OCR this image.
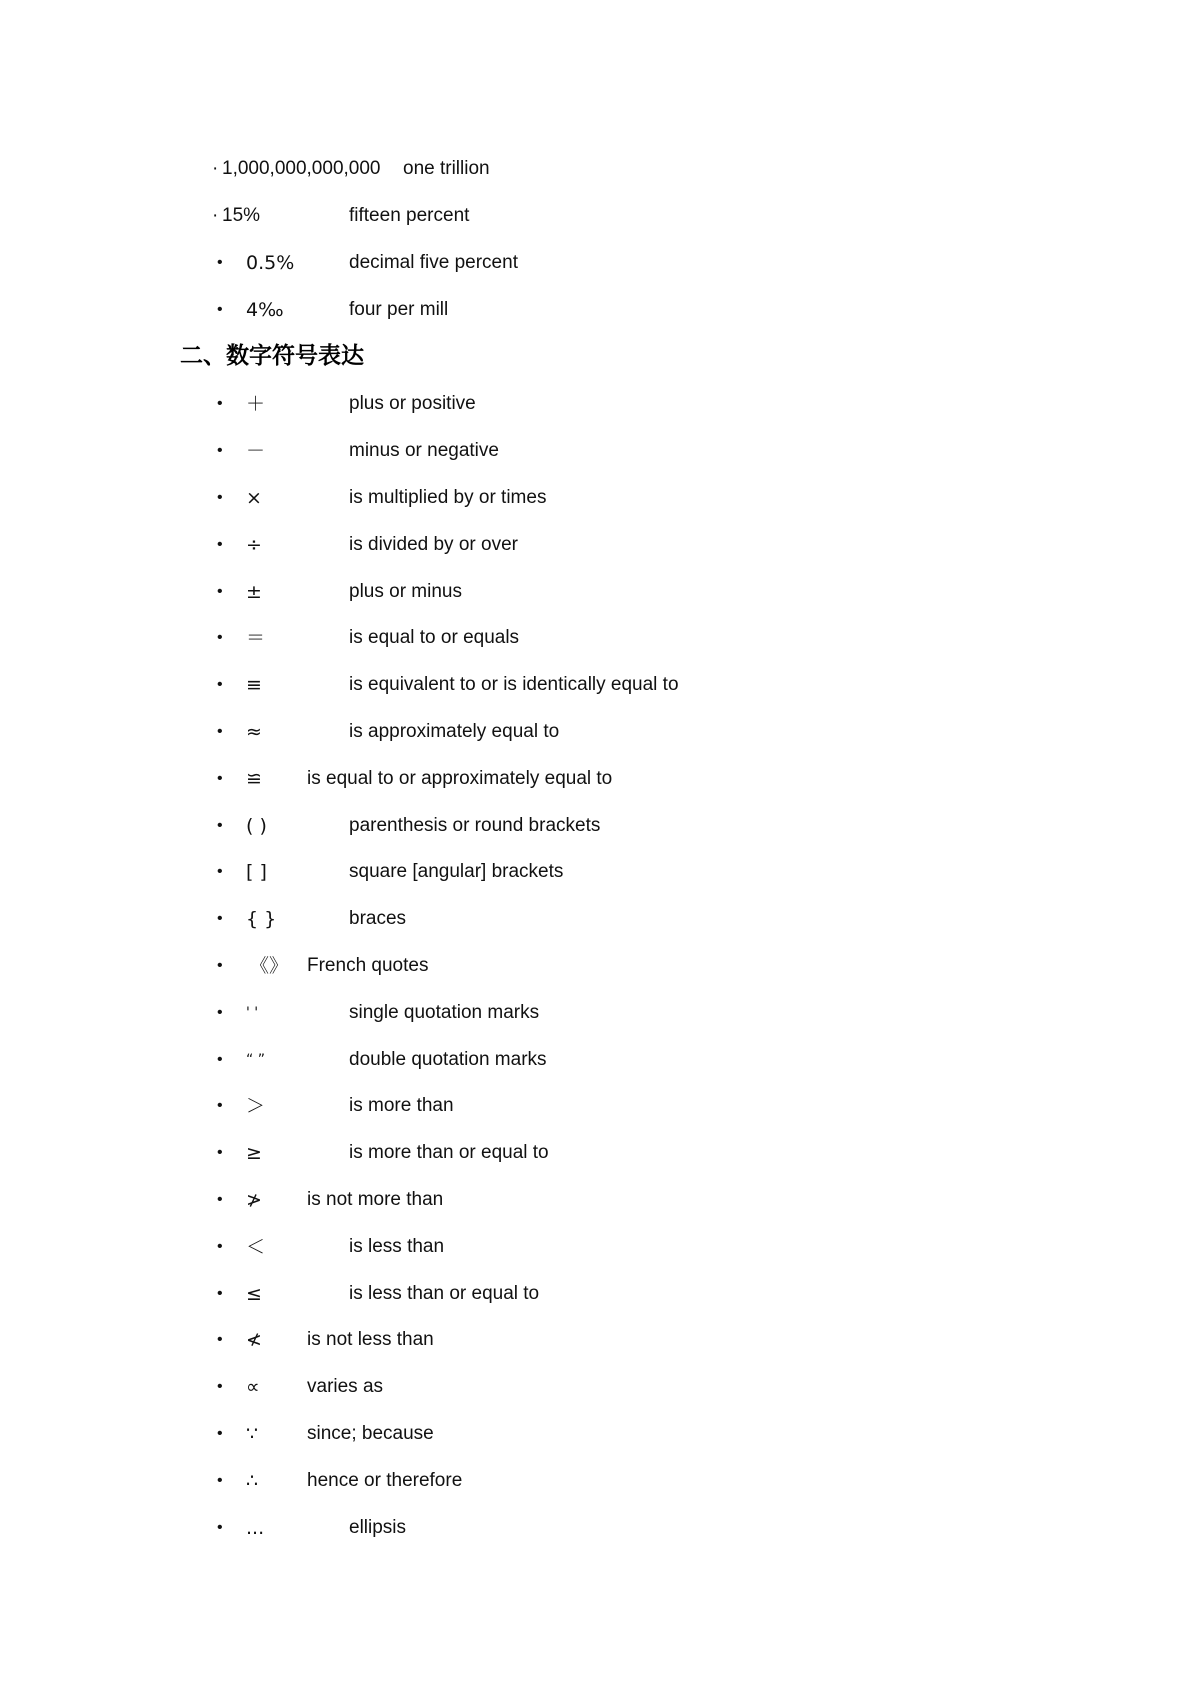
· 1,000,000,000,000 one trillion
· 15%	fifteen percent
• 0.5%	decimal five percent
• 4‰	four per mill
二、数字符号表达
• ＋	plus or positive
• －	minus or negative
• ×	is multiplied by or times
• ÷	is divided by or over
• ±	plus or minus
• ＝	is equal to or equals
• ≡	is equivalent to or is identically equal to
• ≈	is approximately equal to
• ≌ is equal to or approximately equal to
• ( )	parenthesis or round brackets
• [ ]	square [angular] brackets
• { }	braces
• 《》 French quotes
• ' '	single quotation marks
• “ ”	double quotation marks
• ＞	is more than
• ≥	is more than or equal to
• ≯ is not more than
• ＜	is less than
• ≤	is less than or equal to
• ≮ is not less than
• ∝ varies as
• ∵	since; because
• ∴	hence or therefore
• ...	ellipsis
